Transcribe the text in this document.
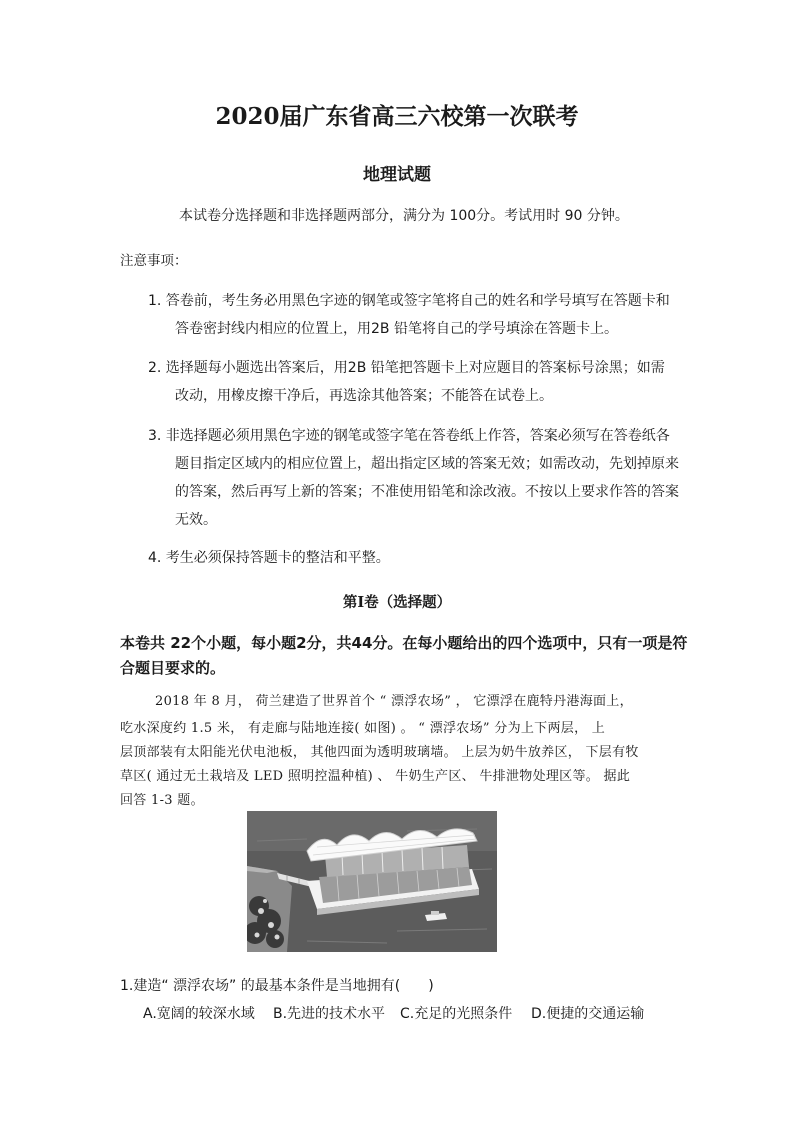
2020届广东省高三六校第一次联考
地理试题
本试卷分选择题和非选择题两部分，满分为 100分。考试用时 90 分钟。
注意事项：
1. 答卷前，考生务必用黑色字迹的钢笔或签字笔将自己的姓名和学号填写在答题卡和
答卷密封线内相应的位置上，用2B 铅笔将自己的学号填涂在答题卡上。
2. 选择题每小题选出答案后，用2B 铅笔把答题卡上对应题目的答案标号涂黑；如需
改动，用橡皮擦干净后，再选涂其他答案；不能答在试卷上。
3. 非选择题必须用黑色字迹的钢笔或签字笔在答卷纸上作答，答案必须写在答卷纸各
题目指定区域内的相应位置上，超出指定区域的答案无效；如需改动，先划掉原来
的答案，然后再写上新的答案；不准使用铅笔和涂改液。不按以上要求作答的答案
无效。
4. 考生必须保持答题卡的整洁和平整。
第Ⅰ卷（选择题）
本卷共 22个小题，每小题2分，共44分。在每小题给出的四个选项中，只有一项是符
合题目要求的。
2018 年 8 月， 荷兰建造了世界首个 “ 漂浮农场” ， 它漂浮在鹿特丹港海面上，
吃水深度约 1.5 米， 有走廊与陆地连接( 如图) 。 “ 漂浮农场” 分为上下两层， 上
层顶部装有太阳能光伏电池板， 其他四面为透明玻璃墙。 上层为奶牛放养区， 下层有牧
草区( 通过无土栽培及 LED 照明控温种植) 、 牛奶生产区、 牛排泄物处理区等。 据此
回答 1-3 题。
1.建造“ 漂浮农场” 的最基本条件是当地拥有(　　)
A.宽阔的较深水域 B.先进的技术水平 C.充足的光照条件 D.便捷的交通运输
